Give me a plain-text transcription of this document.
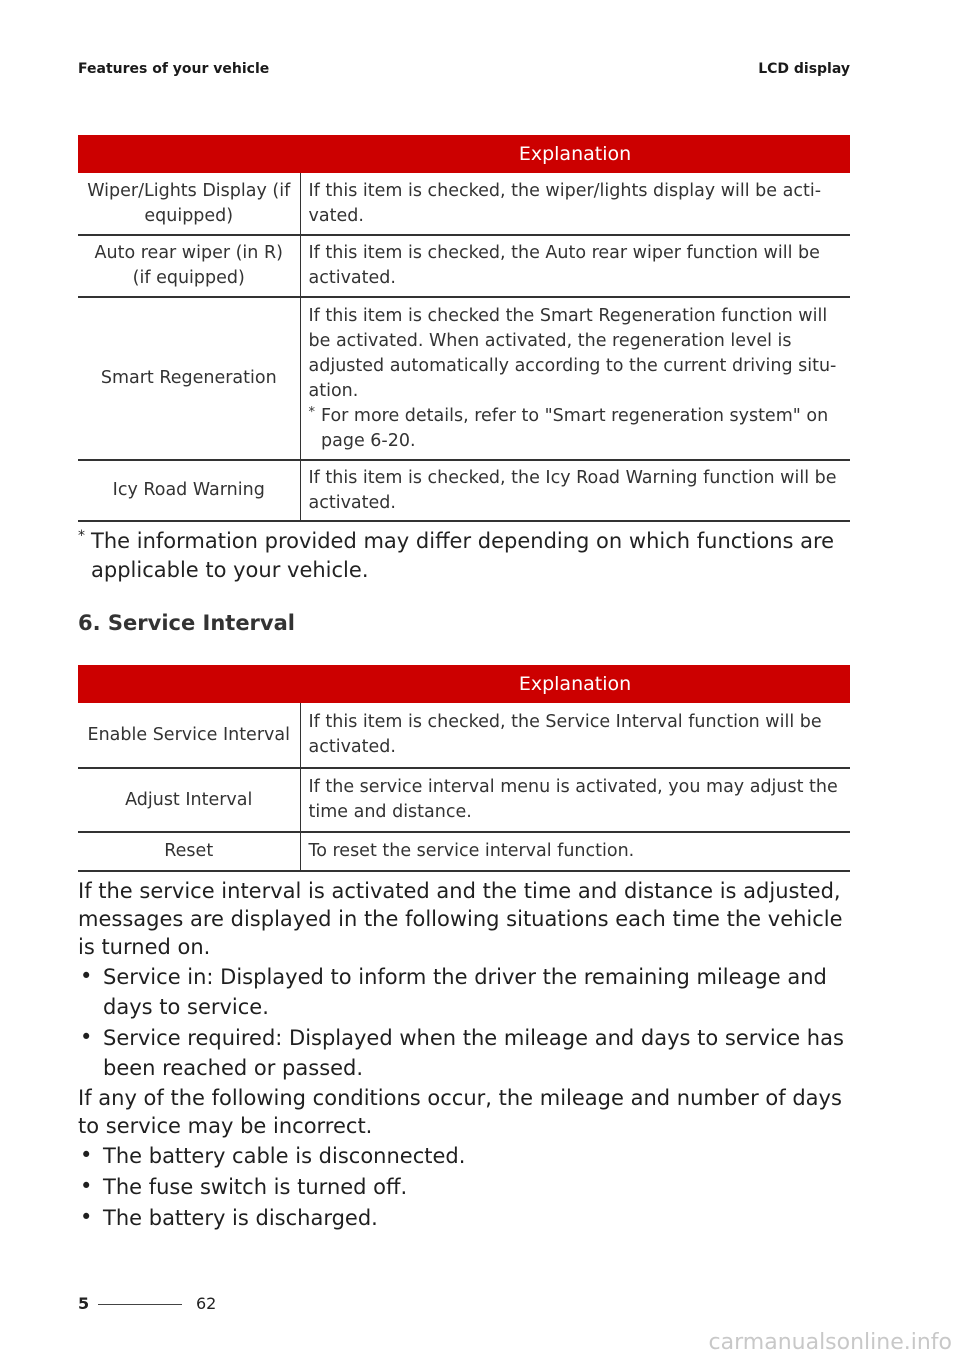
Features of your vehicle	LCD display
	Explanation
Wiper/Lights Display (if equipped)	If this item is checked, the wiper/lights display will be acti-vated.
Auto rear wiper (in R) (if equipped)	If this item is checked, the Auto rear wiper function will be activated.
Smart Regeneration	If this item is checked the Smart Regeneration function will be activated. When activated, the regeneration level is adjusted automatically according to the current driving situ-ation.
* For more details, refer to "Smart regeneration system" on page 6-20.

Icy Road Warning	If this item is checked, the Icy Road Warning function will be activated.
* The information provided may differ depending on which functions are applicable to your vehicle.
6. Service Interval
	Explanation
Enable Service Interval	If this item is checked, the Service Interval function will be activated.
Adjust Interval	If the service interval menu is activated, you may adjust the time and distance.
Reset	To reset the service interval function.

If the service interval is activated and the time and distance is adjusted, messages are displayed in the following situations each time the vehicle is turned on.

• Service in: Displayed to inform the driver the remaining mileage and days to service.
• Service required: Displayed when the mileage and days to service has been reached or passed.

If any of the following conditions occur, the mileage and number of days to service may be incorrect.

• The battery cable is disconnected.
• The fuse switch is turned off.
• The battery is discharged.
5	62
carmanualsonline.info
